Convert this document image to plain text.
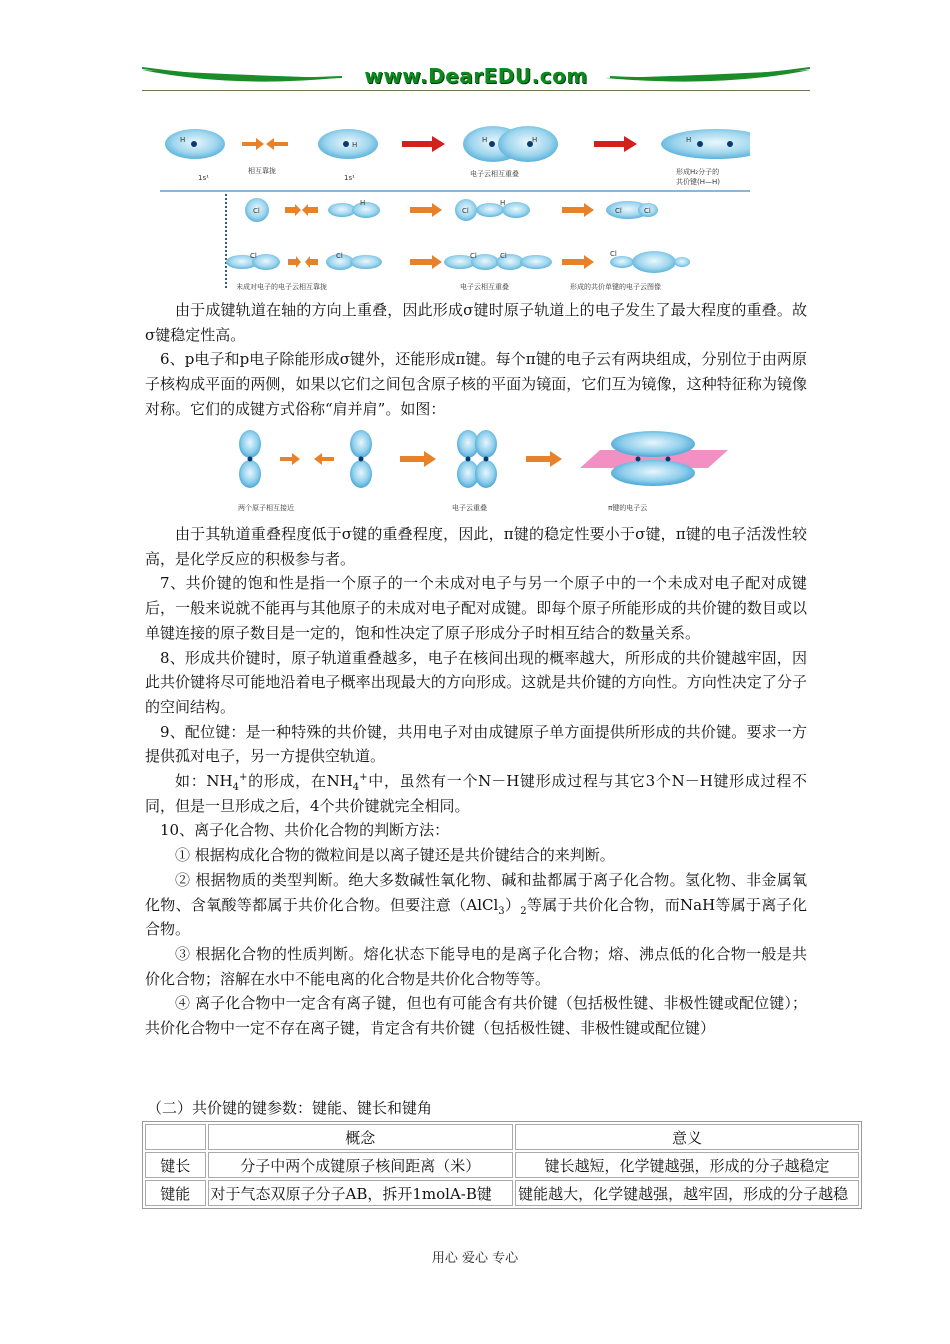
www.DearEDU.com
H
H
H	H	H
1s¹
相互靠拢
1s¹	电子云相互重叠	形成H₂分子的
共价键(H—H)
Cl
H
Cl
H
Cl	Cl
Cl	Cl	Cl	Cl	Cl
未成对电子的电子云相互靠拢	电子云相互重叠	形成的共价单键的电子云图像

由于成键轨道在轴的方向上重叠，因此形成σ键时原子轨道上的电子发生了最大程度的重叠。故σ键稳定性高。

6、p电子和p电子除能形成σ键外，还能形成π键。每个π键的电子云有两块组成，分别位于由两原子核构成平面的两侧，如果以它们之间包含原子核的平面为镜面，它们互为镜像，这种特征称为镜像对称。它们的成键方式俗称“肩并肩”。如图：

两个原子相互接近	电子云重叠	π键的电子云

由于其轨道重叠程度低于σ键的重叠程度，因此，π键的稳定性要小于σ键，π键的电子活泼性较高，是化学反应的积极参与者。

7、共价键的饱和性是指一个原子的一个未成对电子与另一个原子中的一个未成对电子配对成键后，一般来说就不能再与其他原子的未成对电子配对成键。即每个原子所能形成的共价键的数目或以单键连接的原子数目是一定的，饱和性决定了原子形成分子时相互结合的数量关系。

8、形成共价键时，原子轨道重叠越多，电子在核间出现的概率越大，所形成的共价键越牢固，因此共价键将尽可能地沿着电子概率出现最大的方向形成。这就是共价键的方向性。方向性决定了分子的空间结构。

9、配位键：是一种特殊的共价键，共用电子对由成键原子单方面提供所形成的共价键。要求一方提供孤对电子，另一方提供空轨道。

如：$NH_4^+$的形成，在$NH_4^+$中，虽然有一个N－H键形成过程与其它3个N－H键形成过程不同，但是一旦形成之后，4个共价键就完全相同。

10、离子化合物、共价化合物的判断方法：

① 根据构成化合物的微粒间是以离子键还是共价键结合的来判断。

② 根据物质的类型判断。绝大多数碱性氧化物、碱和盐都属于离子化合物。氢化物、非金属氧化物、含氧酸等都属于共价化合物。但要注意$(AlCl_3)_2$等属于共价化合物，而NaH等属于离子化合物。

③ 根据化合物的性质判断。熔化状态下能导电的是离子化合物；熔、沸点低的化合物一般是共价化合物；溶解在水中不能电离的化合物是共价化合物等等。

④ 离子化合物中一定含有离子键，但也有可能含有共价键（包括极性键、非极性键或配位键）；共价化合物中一定不存在离子键，肯定含有共价键（包括极性键、非极性键或配位键）

（二）共价键的键参数：键能、键长和键角
	概念	意义
键长	分子中两个成键原子核间距离（米）	键长越短，化学键越强，形成的分子越稳定
键能	对于气态双原子分子AB，拆开1molA-B键	键能越大，化学键越强，越牢固，形成的分子越稳
用心 爱心 专心
